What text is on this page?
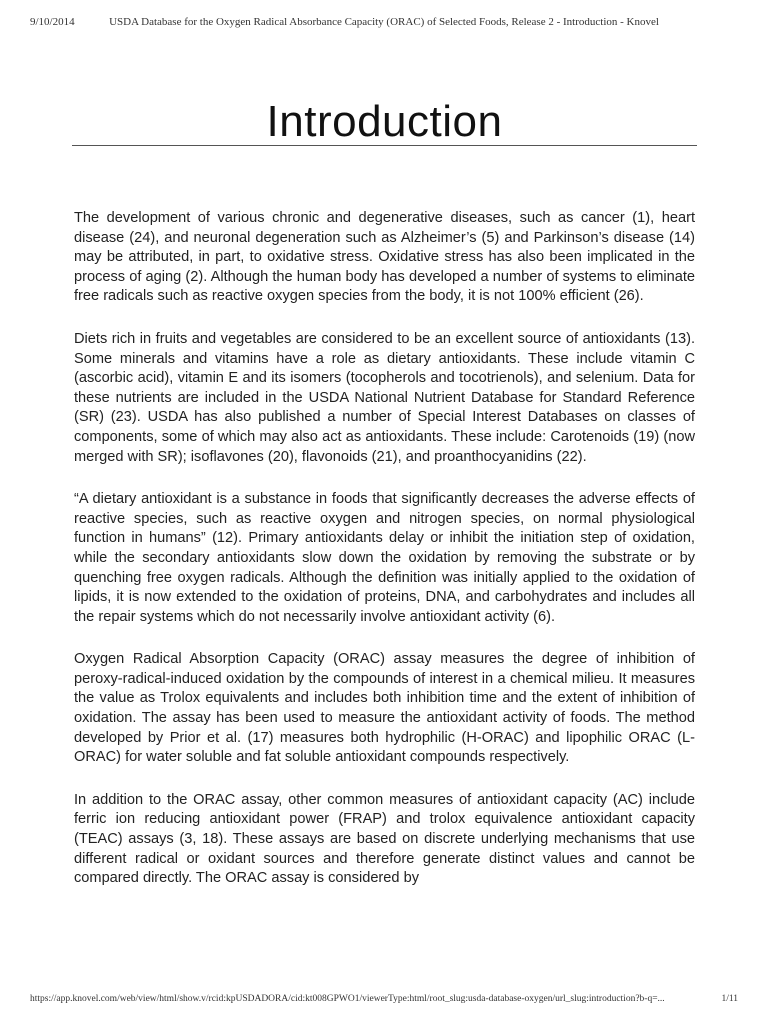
9/10/2014	USDA Database for the Oxygen Radical Absorbance Capacity (ORAC) of Selected Foods, Release 2 - Introduction - Knovel
Introduction

The development of various chronic and degenerative diseases, such as cancer (1), heart disease (24), and neuronal degeneration such as Alzheimer’s (5) and Parkinson’s disease (14) may be attributed, in part, to oxidative stress. Oxidative stress has also been implicated in the process of aging (2). Although the human body has developed a number of systems to eliminate free radicals such as reactive oxygen species from the body, it is not 100% efficient (26).

Diets rich in fruits and vegetables are considered to be an excellent source of antioxidants (13). Some minerals and vitamins have a role as dietary antioxidants. These include vitamin C (ascorbic acid), vitamin E and its isomers (tocopherols and tocotrienols), and selenium. Data for these nutrients are included in the USDA National Nutrient Database for Standard Reference (SR) (23). USDA has also published a number of Special Interest Databases on classes of components, some of which may also act as antioxidants. These include: Carotenoids (19) (now merged with SR); isoflavones (20), flavonoids (21), and proanthocyanidins (22).

“A dietary antioxidant is a substance in foods that significantly decreases the adverse effects of reactive species, such as reactive oxygen and nitrogen species, on normal physiological function in humans” (12). Primary antioxidants delay or inhibit the initiation step of oxidation, while the secondary antioxidants slow down the oxidation by removing the substrate or by quenching free oxygen radicals. Although the definition was initially applied to the oxidation of lipids, it is now extended to the oxidation of proteins, DNA, and carbohydrates and includes all the repair systems which do not necessarily involve antioxidant activity (6).

Oxygen Radical Absorption Capacity (ORAC) assay measures the degree of inhibition of peroxy-radical-induced oxidation by the compounds of interest in a chemical milieu. It measures the value as Trolox equivalents and includes both inhibition time and the extent of inhibition of oxidation. The assay has been used to measure the antioxidant activity of foods. The method developed by Prior et al. (17) measures both hydrophilic (H-ORAC) and lipophilic ORAC (L-ORAC) for water soluble and fat soluble antioxidant compounds respectively.

In addition to the ORAC assay, other common measures of antioxidant capacity (AC) include ferric ion reducing antioxidant power (FRAP) and trolox equivalence antioxidant capacity (TEAC) assays (3, 18). These assays are based on discrete underlying mechanisms that use different radical or oxidant sources and therefore generate distinct values and cannot be compared directly. The ORAC assay is considered by

https://app.knovel.com/web/view/html/show.v/rcid:kpUSDADORA/cid:kt008GPWO1/viewerType:html/root_slug:usda-database-oxygen/url_slug:introduction?b-q=...	1/11
